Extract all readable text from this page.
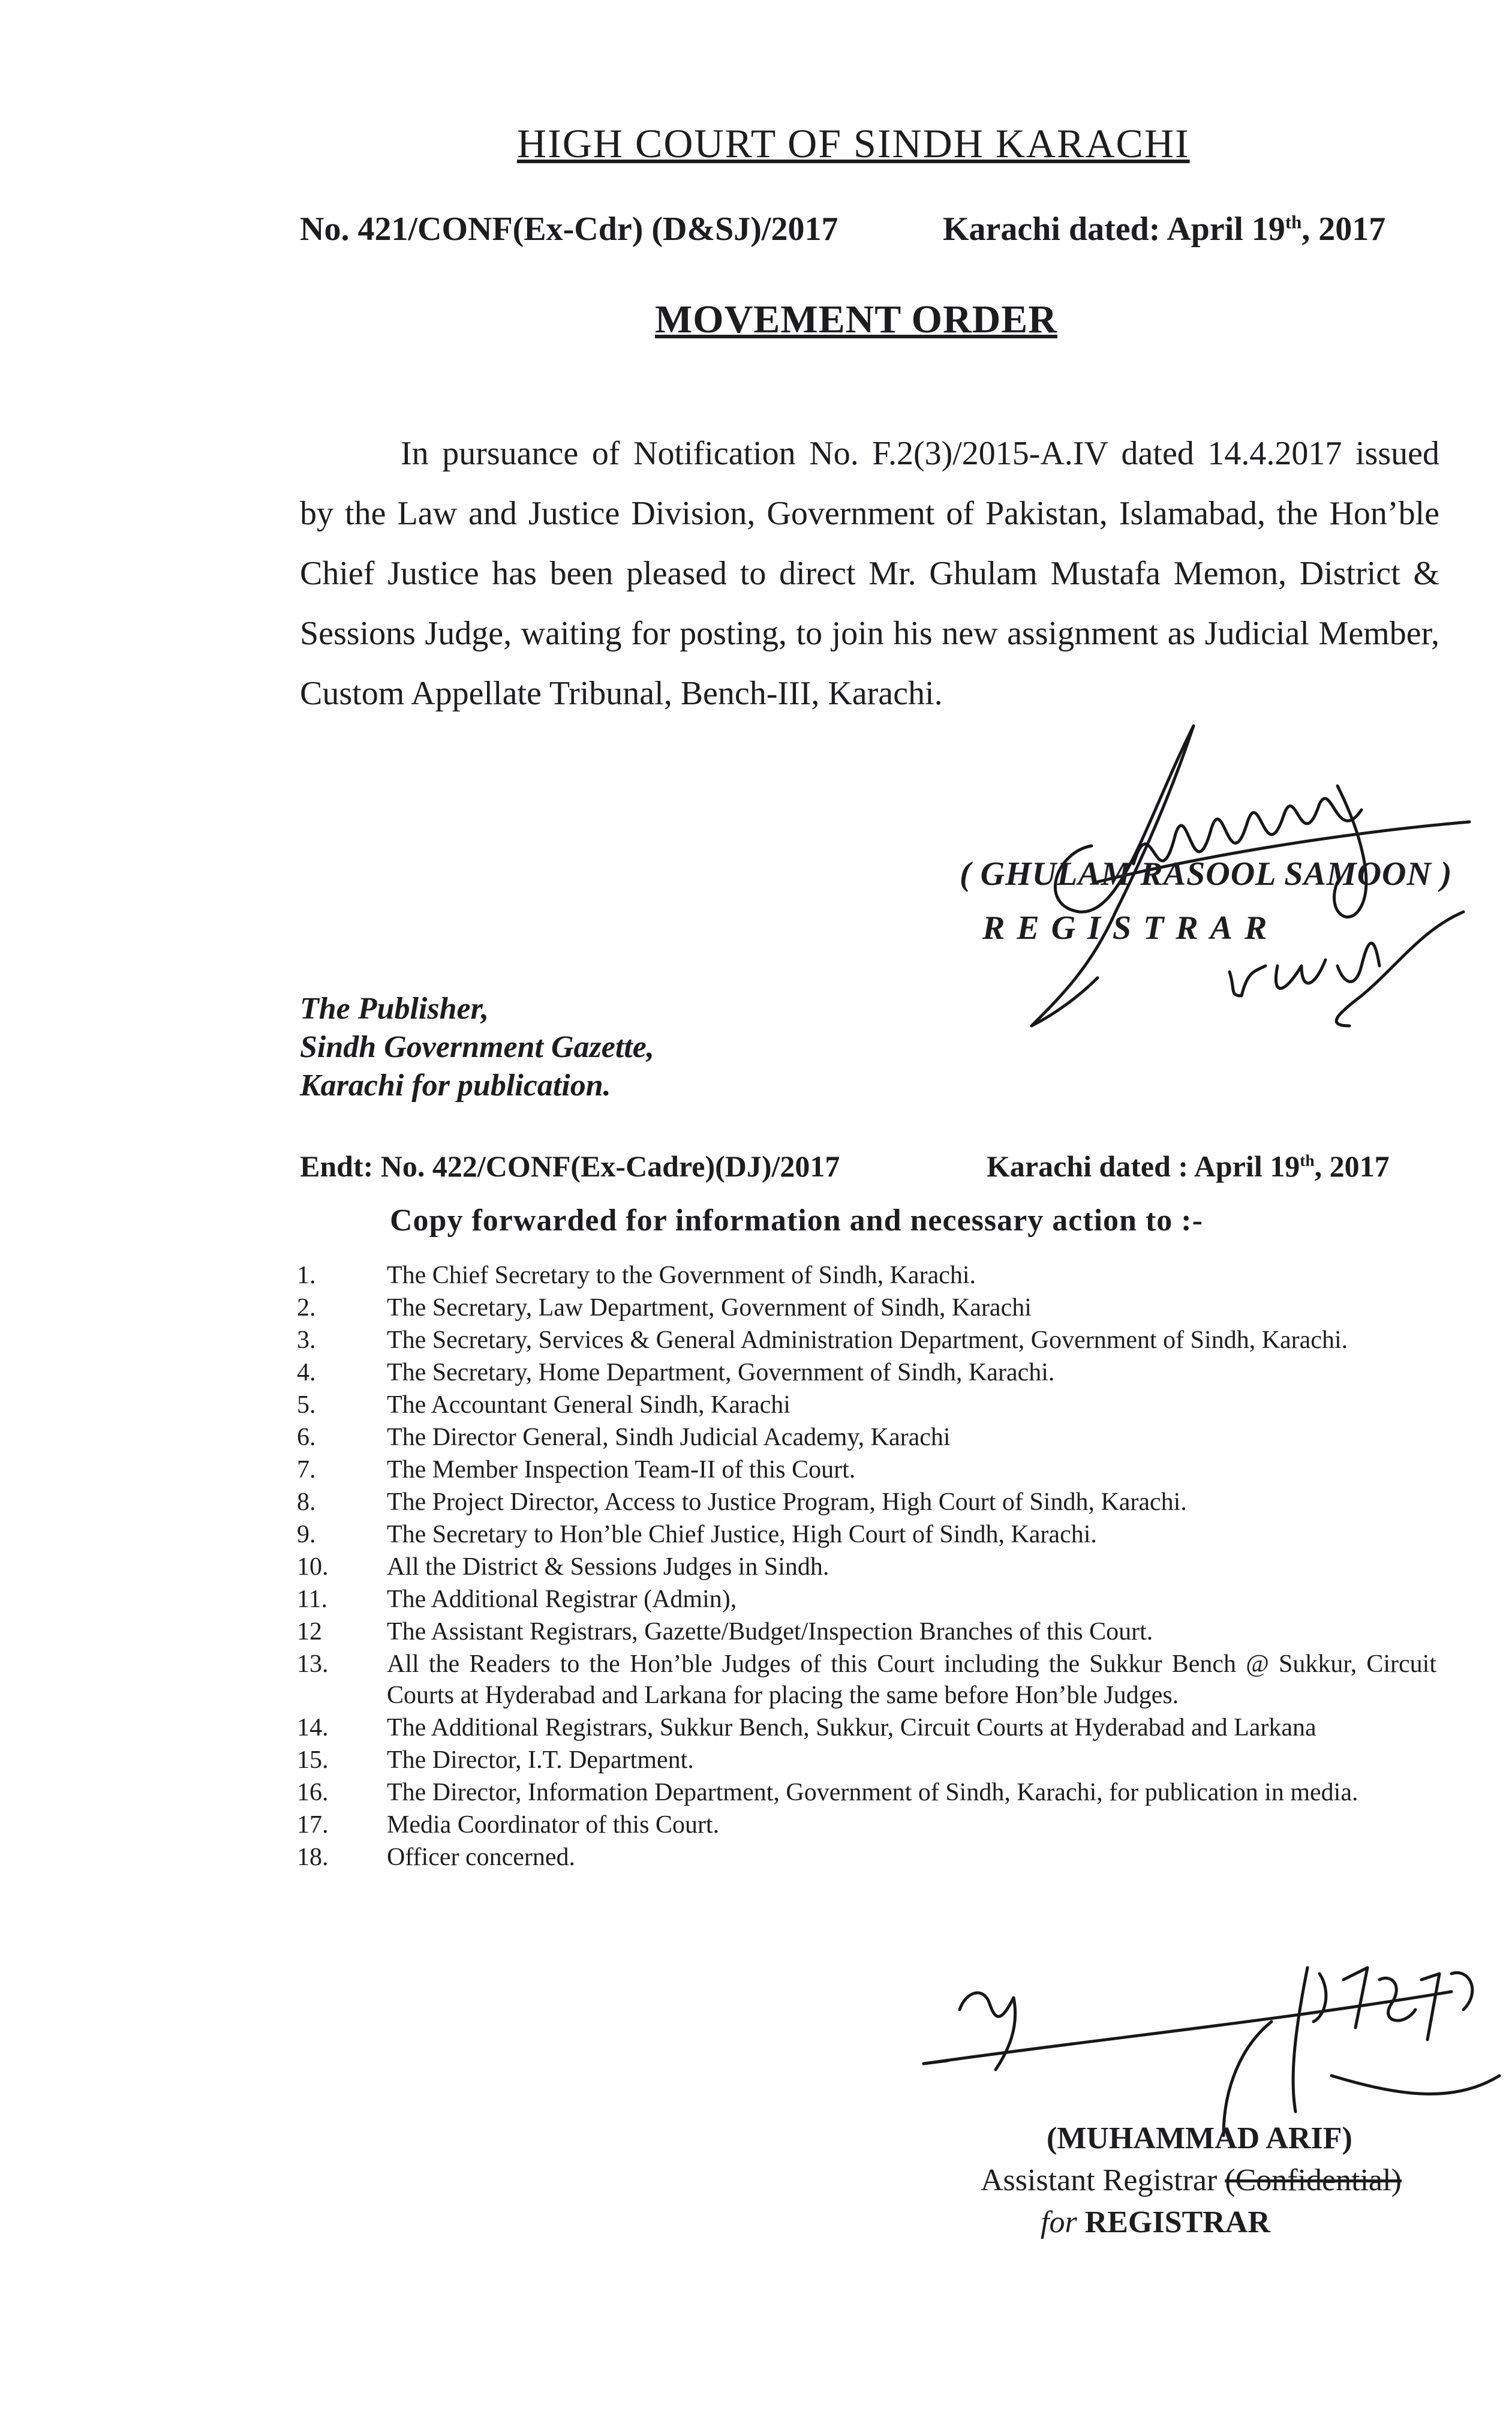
HIGH COURT OF SINDH KARACHI
No. 421/CONF(Ex-Cdr) (D&SJ)/2017	Karachi dated: April 19th, 2017
MOVEMENT ORDER

In pursuance of Notification No. F.2(3)/2015-A.IV dated 14.4.2017 issued by the Law and Justice Division, Government of Pakistan, Islamabad, the Hon’ble Chief Justice has been pleased to direct Mr. Ghulam Mustafa Memon, District & Sessions Judge, waiting for posting, to join his new assignment as Judicial Member, Custom Appellate Tribunal, Bench-III, Karachi.

( GHULAM RASOOL SAMOON )
REGISTRAR
The Publisher,
Sindh Government Gazette,
Karachi for publication.
Endt: No. 422/CONF(Ex-Cadre)(DJ)/2017	Karachi dated : April 19th, 2017
Copy forwarded for information and necessary action to :-
1.	The Chief Secretary to the Government of Sindh, Karachi.
2.	The Secretary, Law Department, Government of Sindh, Karachi
3.	The Secretary, Services & General Administration Department, Government of Sindh, Karachi.
4.	The Secretary, Home Department, Government of Sindh, Karachi.
5.	The Accountant General Sindh, Karachi
6.	The Director General, Sindh Judicial Academy, Karachi
7.	The Member Inspection Team-II of this Court.
8.	The Project Director, Access to Justice Program, High Court of Sindh, Karachi.
9.	The Secretary to Hon’ble Chief Justice, High Court of Sindh, Karachi.
10.	All the District & Sessions Judges in Sindh.
11.	The Additional Registrar (Admin),
12	The Assistant Registrars, Gazette/Budget/Inspection Branches of this Court.
13.	All the Readers to the Hon’ble Judges of this Court including the Sukkur Bench @ Sukkur, Circuit Courts at Hyderabad and Larkana for placing the same before Hon’ble Judges.
14.	The Additional Registrars, Sukkur Bench, Sukkur, Circuit Courts at Hyderabad and Larkana
15.	The Director, I.T. Department.
16.	The Director, Information Department, Government of Sindh, Karachi, for publication in media.
17.	Media Coordinator of this Court.
18.	Officer concerned.
(MUHAMMAD ARIF)
Assistant Registrar (Confidential)
for REGISTRAR
